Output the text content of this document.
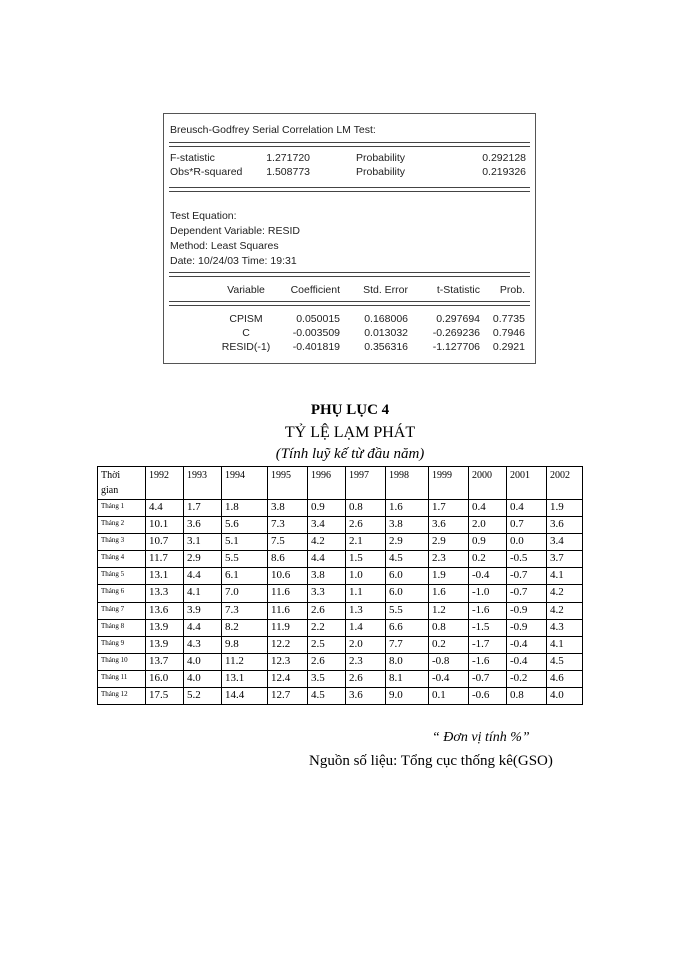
Breusch-Godfrey Serial Correlation LM Test:
F-statistic	1.271720	Probability	0.292128
Obs*R-squared 1.508773	Probability	0.219326
Test Equation:
Dependent Variable: RESID
Method: Least Squares
Date: 10/24/03 Time: 19:31
Variable	Coefficient Std. Error	t-Statistic Prob.
CPISM	0.050015 0.168006	0.297694 0.7735
C	-0.003509 0.013032 -0.269236 0.7946
RESID(-1)	-0.401819 0.356316 -1.127706 0.2921
PHỤ LỤC 4
TỶ LỆ LẠM PHÁT
(Tính luỹ kế từ đầu năm)
Thời
gian	1992	1993	1994	1995	1996	1997	1998	1999	2000	2001	2002
Tháng 1	4.4	1.7	1.8	3.8	0.9	0.8	1.6	1.7	0.4	0.4	1.9
Tháng 2	10.1	3.6	5.6	7.3	3.4	2.6	3.8	3.6	2.0	0.7	3.6
Tháng 3	10.7	3.1	5.1	7.5	4.2	2.1	2.9	2.9	0.9	0.0	3.4
Tháng 4	11.7	2.9	5.5	8.6	4.4	1.5	4.5	2.3	0.2	-0.5	3.7
Tháng 5	13.1	4.4	6.1	10.6	3.8	1.0	6.0	1.9	-0.4	-0.7	4.1
Tháng 6	13.3	4.1	7.0	11.6	3.3	1.1	6.0	1.6	-1.0	-0.7	4.2
Tháng 7	13.6	3.9	7.3	11.6	2.6	1.3	5.5	1.2	-1.6	-0.9	4.2
Tháng 8	13.9	4.4	8.2	11.9	2.2	1.4	6.6	0.8	-1.5	-0.9	4.3
Tháng 9	13.9	4.3	9.8	12.2	2.5	2.0	7.7	0.2	-1.7	-0.4	4.1
Tháng 10	13.7	4.0	11.2	12.3	2.6	2.3	8.0	-0.8	-1.6	-0.4	4.5
Tháng 11	16.0	4.0	13.1	12.4	3.5	2.6	8.1	-0.4	-0.7	-0.2	4.6
Tháng 12	17.5	5.2	14.4	12.7	4.5	3.6	9.0	0.1	-0.6	0.8	4.0
“ Đơn vị tính %”
Nguồn số liệu: Tổng cục thống kê(GSO)
